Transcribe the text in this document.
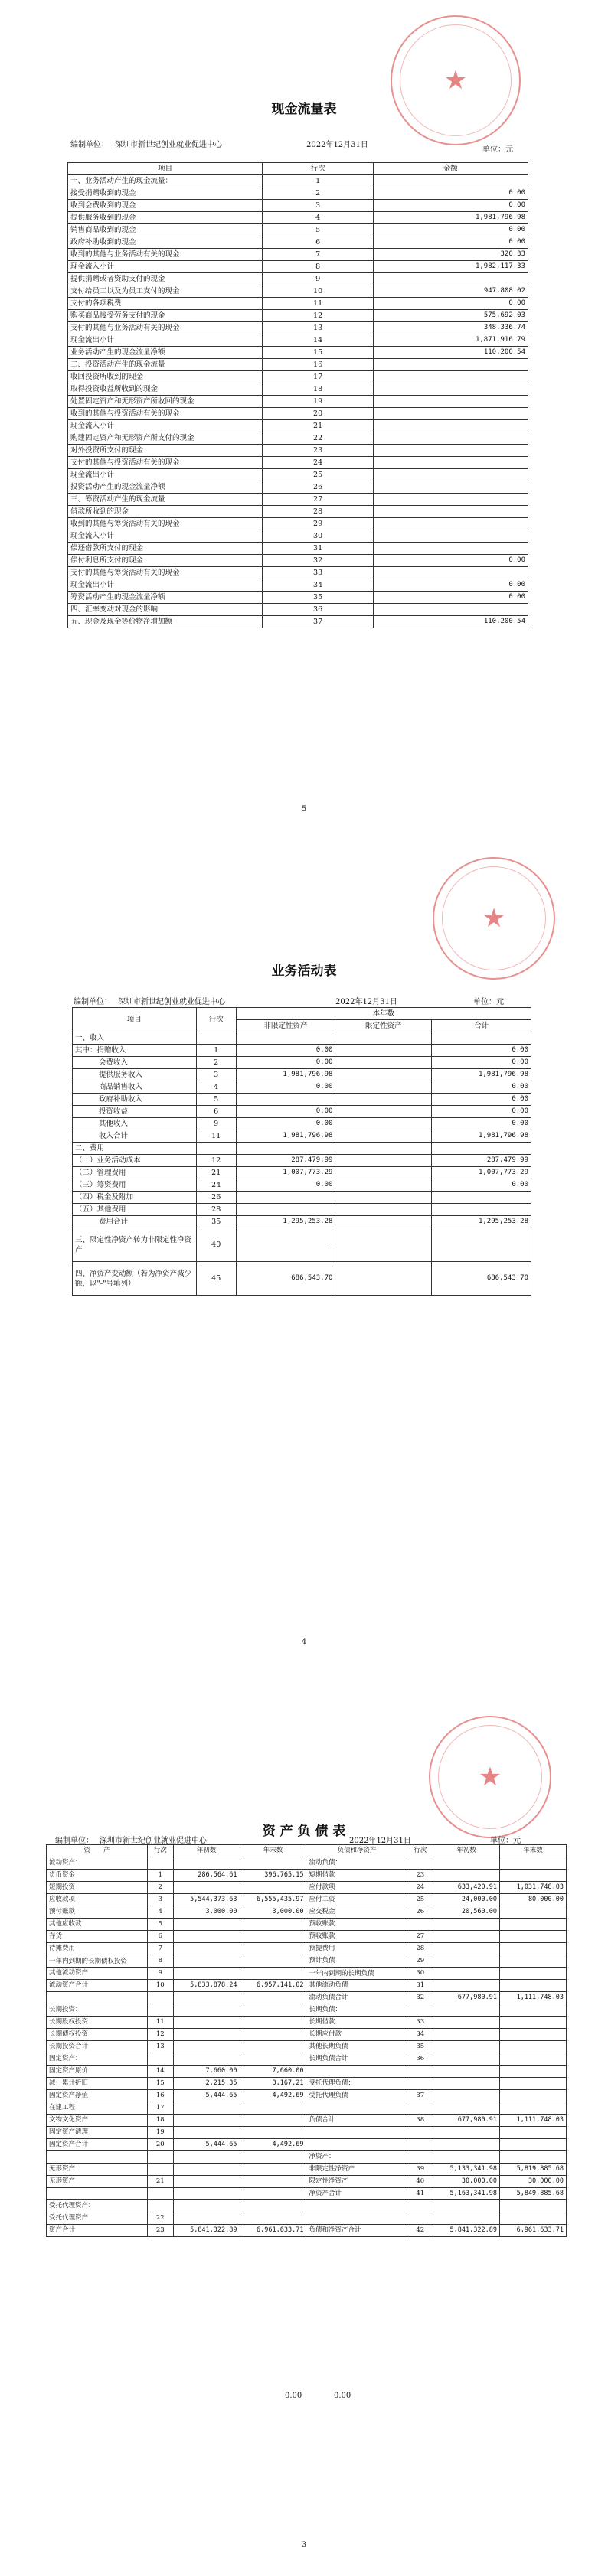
★
现金流量表
编制单位： 深圳市新世纪创业就业促进中心	2022年12月31日
单位：元
项目	行次	金额
一、业务活动产生的现金流量：	1	
接受捐赠收到的现金	2	0.00
收到会费收到的现金	3	0.00
提供服务收到的现金	4	1,981,796.98
销售商品收到的现金	5	0.00
政府补助收到的现金	6	0.00
收到的其他与业务活动有关的现金	7	320.33
现金流入小计	8	1,982,117.33
提供捐赠或者资助支付的现金	9	
支付给员工以及为员工支付的现金	10	947,808.02
支付的各项税费	11	0.00
购买商品接受劳务支付的现金	12	575,692.03
支付的其他与业务活动有关的现金	13	348,336.74
现金流出小计	14	1,871,916.79
业务活动产生的现金流量净额	15	110,200.54
二、投资活动产生的现金流量	16	
收回投资所收到的现金	17	
取得投资收益所收到的现金	18	
处置固定资产和无形资产所收回的现金	19	
收到的其他与投资活动有关的现金	20	
现金流入小计	21	
购建固定资产和无形资产所支付的现金	22	
对外投资所支付的现金	23	
支付的其他与投资活动有关的现金	24	
现金流出小计	25	
投资活动产生的现金流量净额	26	
三、筹资活动产生的现金流量	27	
借款所收到的现金	28	
收到的其他与筹资活动有关的现金	29	
现金流入小计	30	
偿还借款所支付的现金	31	
偿付利息所支付的现金	32	0.00
支付的其他与筹资活动有关的现金	33	
现金流出小计	34	0.00
筹资活动产生的现金流量净额	35	0.00
四、汇率变动对现金的影响	36	
五、现金及现金等价物净增加额	37	110,200.54
5
★
业务活动表
编制单位： 深圳市新世纪创业就业促进中心	2022年12月31日	单位：元
项目	行次	本年数		
		非限定性资产	限定性资产	合计
一、收入				
其中：捐赠收入	1	0.00		0.00
会费收入	2	0.00		0.00
提供服务收入	3	1,981,796.98		1,981,796.98
商品销售收入	4	0.00		0.00
政府补助收入	5			0.00
投资收益	6	0.00		0.00
其他收入	9	0.00		0.00
收入合计	11	1,981,796.98		1,981,796.98
二、费用				
（一）业务活动成本	12	287,479.99		287,479.99
（二）管理费用	21	1,007,773.29		1,007,773.29
（三）筹资费用	24	0.00		0.00
（四）税金及附加	26			
（五）其他费用	28			
费用合计	35	1,295,253.28		1,295,253.28
三、限定性净资产转为非限定性净资产	40	—		
四、净资产变动额（若为净资产减少额，以"-"号填列）	45	686,543.70		686,543.70
4
★
资 产 负 债 表
编制单位： 深圳市新世纪创业就业促进中心	2022年12月31日	单位：元
资　　产	行次	年初数	年末数	负债和净资产	行次	年初数	年末数
流动资产：				流动负债：			
货币资金	1	286,564.61	396,765.15	短期借款	23		
短期投资	2			应付款项	24	633,420.91	1,031,748.03
应收款项	3	5,544,373.63	6,555,435.97	应付工资	25	24,000.00	80,000.00
预付账款	4	3,000.00	3,000.00	应交税金	26	20,560.00	
其他应收款	5			预收账款			
存货	6			预收账款	27		
待摊费用	7			预提费用	28		
一年内到期的长期债权投资	8			预计负债	29		
其他流动资产	9			一年内到期的长期负债	30		
流动资产合计	10	5,833,878.24	6,957,141.02	其他流动负债	31		
				流动负债合计	32	677,980.91	1,111,748.03
长期投资：				长期负债：			
长期股权投资	11			长期借款	33		
长期债权投资	12			长期应付款	34		
长期投资合计	13			其他长期负债	35		
固定资产：				长期负债合计	36		
固定资产原价	14	7,660.00	7,660.00				
减：累计折旧	15	2,215.35	3,167.21	受托代理负债：			
固定资产净值	16	5,444.65	4,492.69	受托代理负债	37		
在建工程	17						
文物文化资产	18			负债合计	38	677,980.91	1,111,748.03
固定资产清理	19						
固定资产合计	20	5,444.65	4,492.69				
				净资产：			
无形资产：				非限定性净资产	39	5,133,341.98	5,819,885.68
无形资产	21			限定性净资产	40	30,000.00	30,000.00
				净资产合计	41	5,163,341.98	5,849,885.68
受托代理资产：							
受托代理资产	22						
资产合计	23	5,841,322.89	6,961,633.71	负债和净资产合计	42	5,841,322.89	6,961,633.71
0.00	0.00
3
